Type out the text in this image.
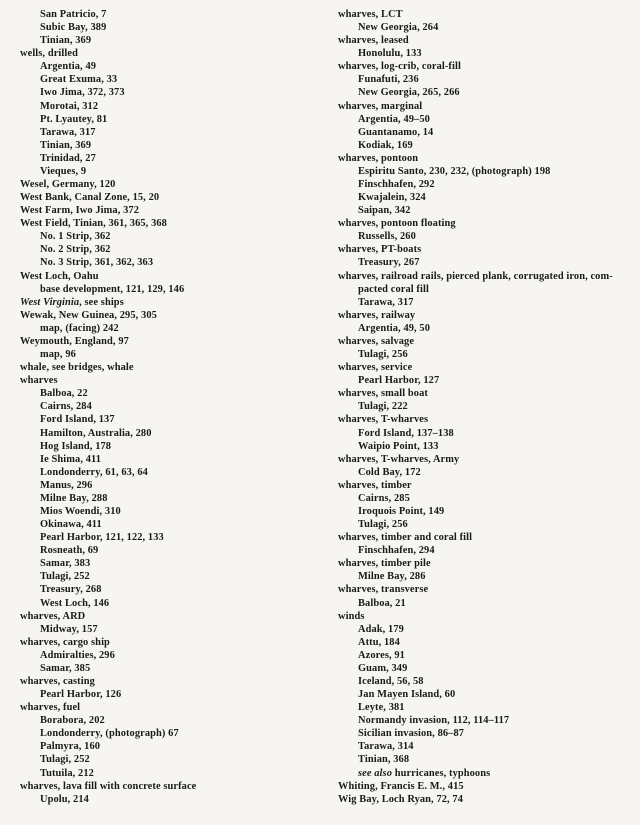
San Patricio, 7
Subic Bay, 389
Tinian, 369
wells, drilled
Argentia, 49
Great Exuma, 33
Iwo Jima, 372, 373
Morotai, 312
Pt. Lyautey, 81
Tarawa, 317
Tinian, 369
Trinidad, 27
Vieques, 9
Wesel, Germany, 120
West Bank, Canal Zone, 15, 20
West Farm, Iwo Jima, 372
West Field, Tinian, 361, 365, 368
No. 1 Strip, 362
No. 2 Strip, 362
No. 3 Strip, 361, 362, 363
West Loch, Oahu
base development, 121, 129, 146
West Virginia, see ships
Wewak, New Guinea, 295, 305
map, (facing) 242
Weymouth, England, 97
map, 96
whale, see bridges, whale
wharves
Balboa, 22
Cairns, 284
Ford Island, 137
Hamilton, Australia, 280
Hog Island, 178
Ie Shima, 411
Londonderry, 61, 63, 64
Manus, 296
Milne Bay, 288
Mios Woendi, 310
Okinawa, 411
Pearl Harbor, 121, 122, 133
Rosneath, 69
Samar, 383
Tulagi, 252
Treasury, 268
West Loch, 146
wharves, ARD
Midway, 157
wharves, cargo ship
Admiralties, 296
Samar, 385
wharves, casting
Pearl Harbor, 126
wharves, fuel
Borabora, 202
Londonderry, (photograph) 67
Palmyra, 160
Tulagi, 252
Tutuila, 212
wharves, lava fill with concrete surface
Upolu, 214
wharves, LCT
New Georgia, 264
wharves, leased
Honolulu, 133
wharves, log-crib, coral-fill
Funafuti, 236
New Georgia, 265, 266
wharves, marginal
Argentia, 49–50
Guantanamo, 14
Kodiak, 169
wharves, pontoon
Espiritu Santo, 230, 232, (photograph) 198
Finschhafen, 292
Kwajalein, 324
Saipan, 342
wharves, pontoon floating
Russells, 260
wharves, PT-boats
Treasury, 267
wharves, railroad rails, pierced plank, corrugated iron, com-
pacted coral fill
Tarawa, 317
wharves, railway
Argentia, 49, 50
wharves, salvage
Tulagi, 256
wharves, service
Pearl Harbor, 127
wharves, small boat
Tulagi, 222
wharves, T-wharves
Ford Island, 137–138
Waipio Point, 133
wharves, T-wharves, Army
Cold Bay, 172
wharves, timber
Cairns, 285
Iroquois Point, 149
Tulagi, 256
wharves, timber and coral fill
Finschhafen, 294
wharves, timber pile
Milne Bay, 286
wharves, transverse
Balboa, 21
winds
Adak, 179
Attu, 184
Azores, 91
Guam, 349
Iceland, 56, 58
Jan Mayen Island, 60
Leyte, 381
Normandy invasion, 112, 114–117
Sicilian invasion, 86–87
Tarawa, 314
Tinian, 368
see also hurricanes, typhoons
Whiting, Francis E. M., 415
Wig Bay, Loch Ryan, 72, 74
